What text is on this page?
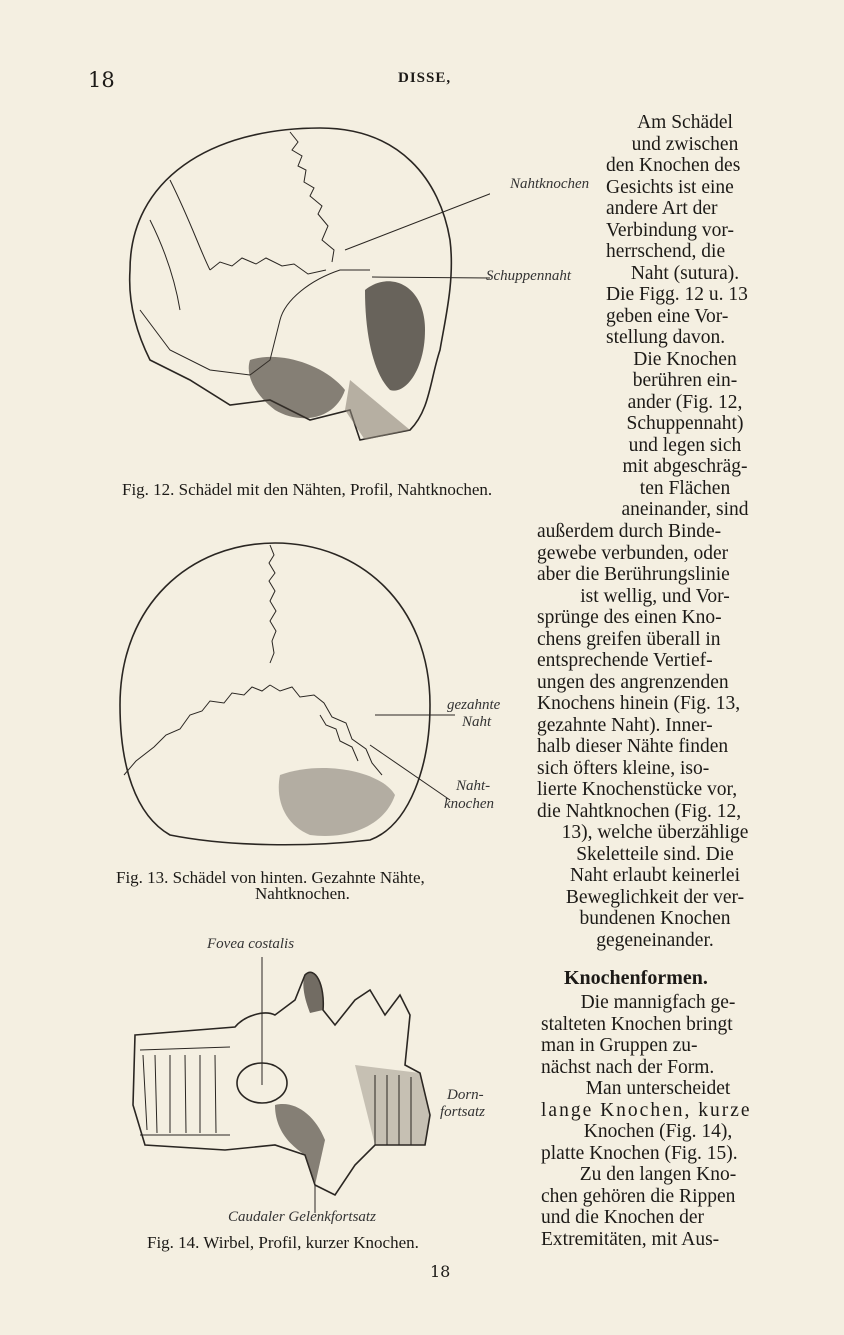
18	DISSE,
Nahtknochen
Schuppennaht
Fig. 12. Schädel mit den Nähten, Profil, Nahtknochen.
gezahnte
Naht
Naht-
knochen
Fig. 13. Schädel von hinten. Gezahnte Nähte,
Nahtknochen.
Fovea costalis
Dorn-
fortsatz
Caudaler Gelenkfortsatz
Fig. 14. Wirbel, Profil, kurzer Knochen.
Am Schädel
und zwischen
den Knochen des
Gesichts ist eine
andere Art der
Verbindung vor-
herrschend, die
Naht (sutura).
Die Figg. 12 u. 13
geben eine Vor-
stellung davon.
Die Knochen
berühren ein-
ander (Fig. 12,
Schuppennaht)
und legen sich
mit abgeschräg-
ten Flächen
aneinander, sind
außerdem durch Binde-
gewebe verbunden, oder
aber die Berührungslinie
ist wellig, und Vor-
sprünge des einen Kno-
chens greifen überall in
entsprechende Vertief-
ungen des angrenzenden
Knochens hinein (Fig. 13,
gezahnte Naht). Inner-
halb dieser Nähte finden
sich öfters kleine, iso-
lierte Knochenstücke vor,
die Nahtknochen (Fig. 12,
13), welche überzählige
Skeletteile sind. Die
Naht erlaubt keinerlei
Beweglichkeit der ver-
bundenen Knochen
gegeneinander.
Knochenformen.
Die mannigfach ge-
stalteten Knochen bringt
man in Gruppen zu-
nächst nach der Form.
Man unterscheidet
lange Knochen, kurze
Knochen (Fig. 14),
platte Knochen (Fig. 15).
Zu den langen Kno-
chen gehören die Rippen
und die Knochen der
Extremitäten, mit Aus-
18
